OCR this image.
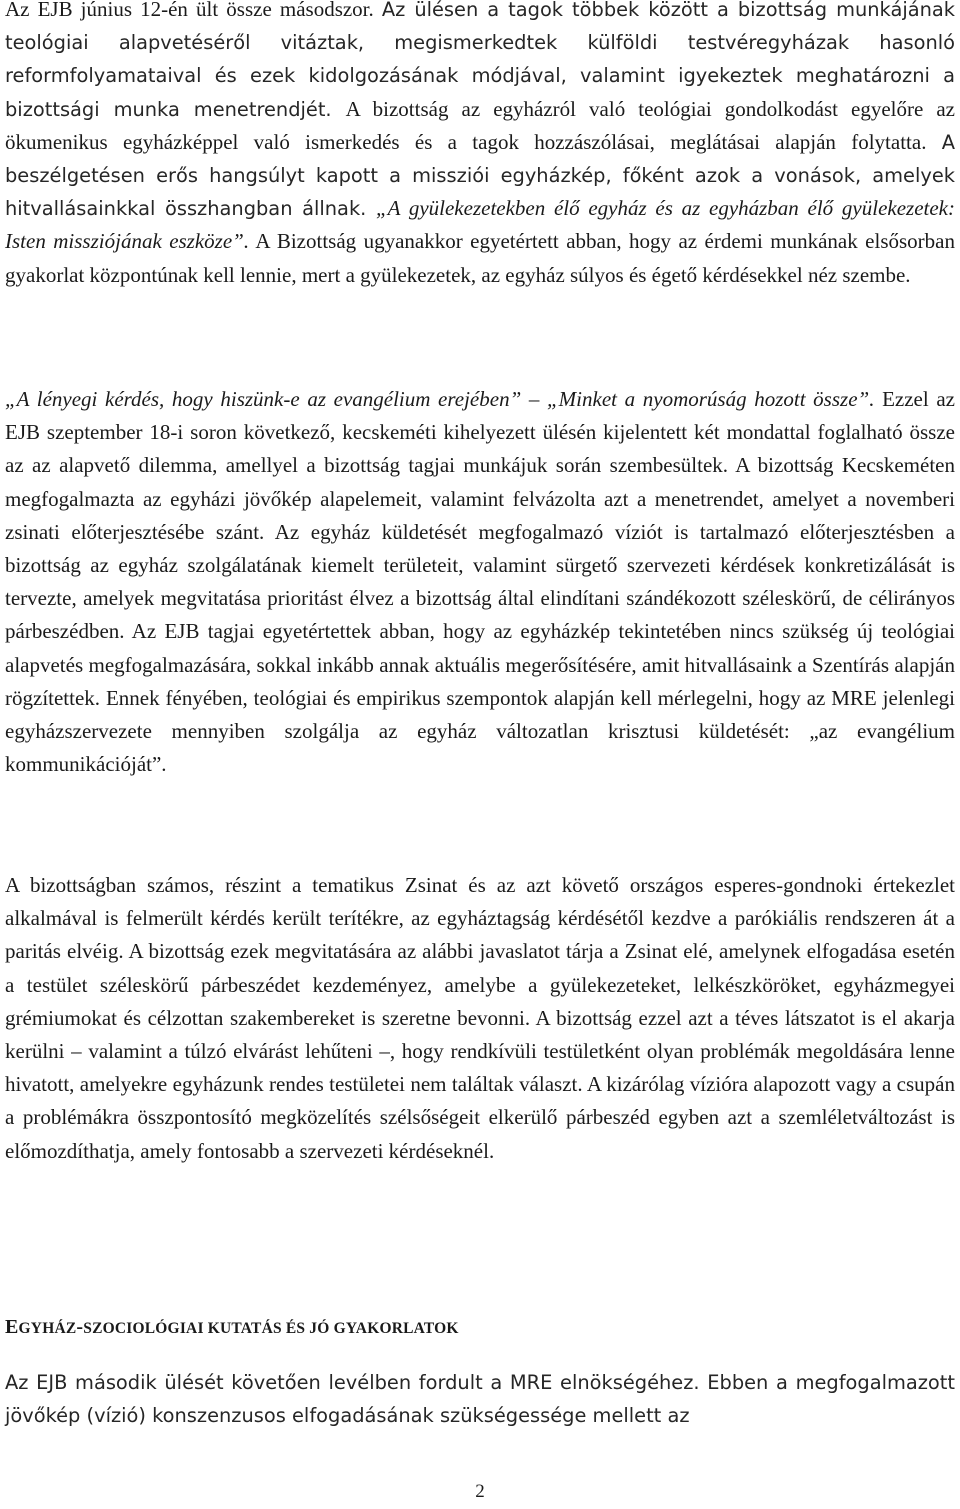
Az EJB június 12-én ült össze másodszor. Az ülésen a tagok többek között a bizottság munkájának teológiai alapvetéséről vitáztak, megismerkedtek külföldi testvéregyházak hasonló reformfolyamataival és ezek kidolgozásának módjával, valamint igyekeztek meghatározni a bizottsági munka menetrendjét. A bizottság az egyházról való teológiai gondolkodást egyelőre az ökumenikus egyházképpel való ismerkedés és a tagok hozzászólásai, meglátásai alapján folytatta. A beszélgetésen erős hangsúlyt kapott a missziói egyházkép, főként azok a vonások, amelyek hitvallásainkkal összhangban állnak. „A gyülekezetekben élő egyház és az egyházban élő gyülekezetek: Isten missziójának eszköze”. A Bizottság ugyanakkor egyetértett abban, hogy az érdemi munkának elsősorban gyakorlat központúnak kell lennie, mert a gyülekezetek, az egyház súlyos és égető kérdésekkel néz szembe.

„A lényegi kérdés, hogy hiszünk-e az evangélium erejében” – „Minket a nyomorúság hozott össze”. Ezzel az EJB szeptember 18-i soron következő, kecskeméti kihelyezett ülésén kijelentett két mondattal foglalható össze az az alapvető dilemma, amellyel a bizottság tagjai munkájuk során szembesültek. A bizottság Kecskeméten megfogalmazta az egyházi jövőkép alapelemeit, valamint felvázolta azt a menetrendet, amelyet a novemberi zsinati előterjesztésébe szánt. Az egyház küldetését megfogalmazó víziót is tartalmazó előterjesztésben a bizottság az egyház szolgálatának kiemelt területeit, valamint sürgető szervezeti kérdések konkretizálását is tervezte, amelyek megvitatása prioritást élvez a bizottság által elindítani szándékozott széleskörű, de célirányos párbeszédben. Az EJB tagjai egyetértettek abban, hogy az egyházkép tekintetében nincs szükség új teológiai alapvetés megfogalmazására, sokkal inkább annak aktuális megerősítésére, amit hitvallásaink a Szentírás alapján rögzítettek. Ennek fényében, teológiai és empirikus szempontok alapján kell mérlegelni, hogy az MRE jelenlegi egyházszervezete mennyiben szolgálja az egyház változatlan krisztusi küldetését: „az evangélium kommunikációját”.

A bizottságban számos, részint a tematikus Zsinat és az azt követő országos esperes-gondnoki értekezlet alkalmával is felmerült kérdés került terítékre, az egyháztagság kérdésétől kezdve a parókiális rendszeren át a paritás elvéig. A bizottság ezek megvitatására az alábbi javaslatot tárja a Zsinat elé, amelynek elfogadása esetén a testület széleskörű párbeszédet kezdeményez, amelybe a gyülekezeteket, lelkészköröket, egyházmegyei grémiumokat és célzottan szakembereket is szeretne bevonni. A bizottság ezzel azt a téves látszatot is el akarja kerülni – valamint a túlzó elvárást lehűteni –, hogy rendkívüli testületként olyan problémák megoldására lenne hivatott, amelyekre egyházunk rendes testületei nem találtak választ. A kizárólag vízióra alapozott vagy a csupán a problémákra összpontosító megközelítés szélsőségeit elkerülő párbeszéd egyben azt a szemléletváltozást is előmozdíthatja, amely fontosabb a szervezeti kérdéseknél.

EGYHÁZ-SZOCIOLÓGIAI KUTATÁS ÉS JÓ GYAKORLATOK

Az EJB második ülését követően levélben fordult a MRE elnökségéhez. Ebben a megfogalmazott jövőkép (vízió) konszenzusos elfogadásának szükségessége mellett az

2
